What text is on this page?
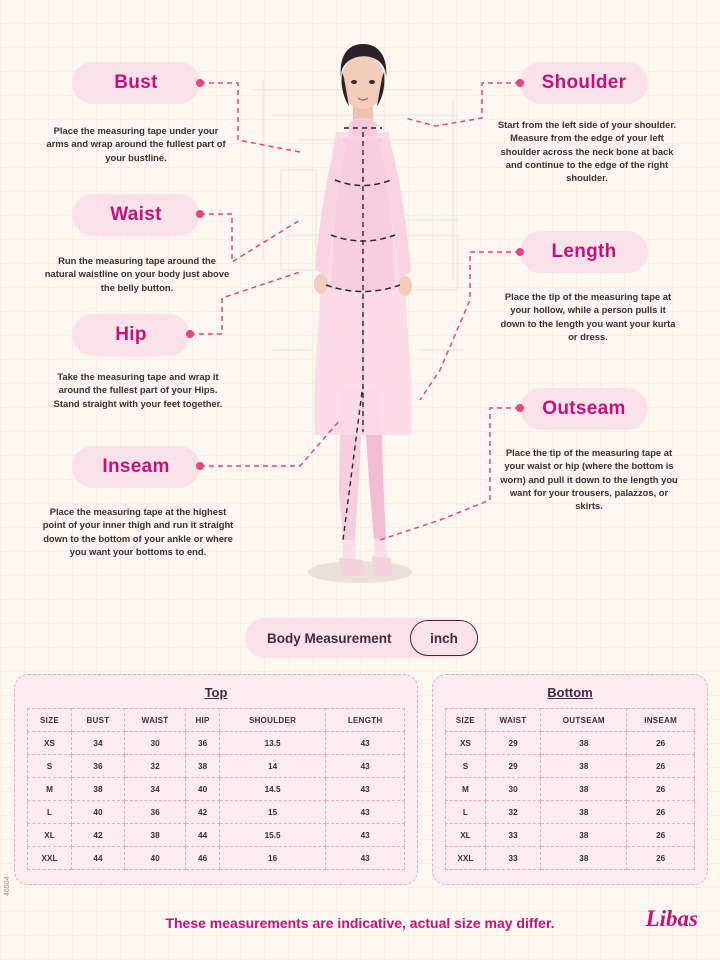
Bust
Place the measuring tape under your arms and wrap around the fullest part of your bustline.
Waist
Run the measuring tape around the natural waistline on your body just above the belly button.
Hip
Take the measuring tape and wrap it around the fullest part of your Hips. Stand straight with your feet together.
Inseam
Place the measuring tape at the highest point of your inner thigh and run it straight down to the bottom of your ankle or where you want your bottoms to end.
Shoulder
Start from the left side of your shoulder. Measure from the edge of your left shoulder across the neck bone at back and continue to the edge of the right shoulder.
Length
Place the tip of the measuring tape at your hollow, while a person pulls it down to the length you want your kurta or dress.
Outseam
Place the tip of the measuring tape at your waist or hip (where the bottom is worn) and pull it down to the length you want for your trousers, palazzos, or skirts.
Body Measurement	inch
Top
SIZE	BUST	WAIST	HIP	SHOULDER	LENGTH
XS	34	30	36	13.5	43
S	36	32	38	14	43
M	38	34	40	14.5	43
L	40	36	42	15	43
XL	42	38	44	15.5	43
XXL	44	40	46	16	43
Bottom
SIZE	WAIST	OUTSEAM	INSEAM
XS	29	38	26
S	29	38	26
M	30	38	26
L	32	38	26
XL	33	38	26
XXL	33	38	26
These measurements are indicative, actual size may differ.	Libas
46504
